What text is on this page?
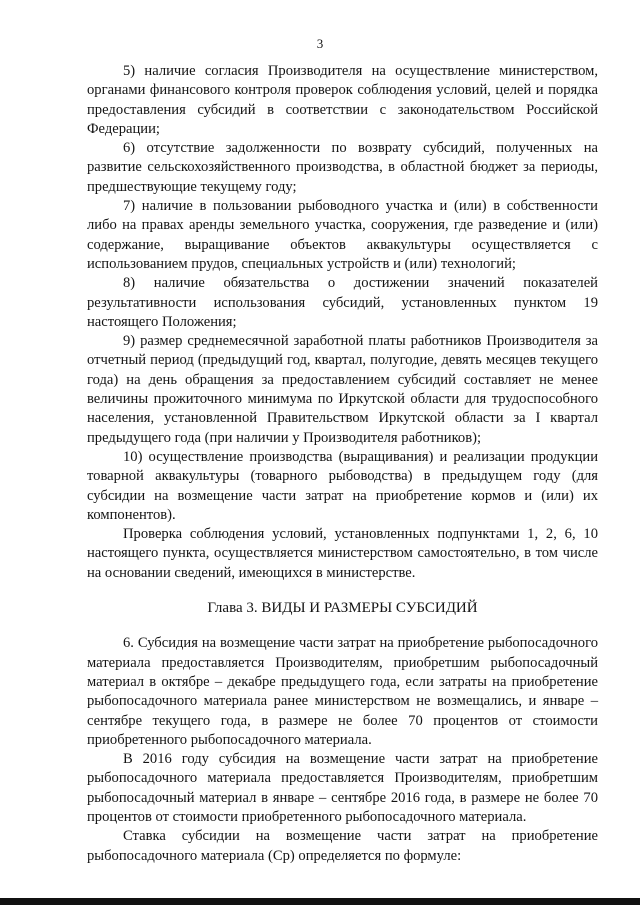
3

5) наличие согласия Производителя на осуществление министерством, органами финансового контроля проверок соблюдения условий, целей и порядка предоставления субсидий в соответствии с законодательством Российской Федерации;

6) отсутствие задолженности по возврату субсидий, полученных на развитие сельскохозяйственного производства, в областной бюджет за периоды, предшествующие текущему году;

7) наличие в пользовании рыбоводного участка и (или) в собственности либо на правах аренды земельного участка, сооружения, где разведение и (или) содержание, выращивание объектов аквакультуры осуществляется с использованием прудов, специальных устройств и (или) технологий;

8) наличие обязательства о достижении значений показателей результативности использования субсидий, установленных пунктом 19 настоящего Положения;

9) размер среднемесячной заработной платы работников Производителя за отчетный период (предыдущий год, квартал, полугодие, девять месяцев текущего года) на день обращения за предоставлением субсидий составляет не менее величины прожиточного минимума по Иркутской области для трудоспособного населения, установленной Правительством Иркутской области за I квартал предыдущего года (при наличии у Производителя работников);

10) осуществление производства (выращивания) и реализации продукции товарной аквакультуры (товарного рыбоводства) в предыдущем году (для субсидии на возмещение части затрат на приобретение кормов и (или) их компонентов).

Проверка соблюдения условий, установленных подпунктами 1, 2, 6, 10 настоящего пункта, осуществляется министерством самостоятельно, в том числе на основании сведений, имеющихся в министерстве.

Глава 3. ВИДЫ И РАЗМЕРЫ СУБСИДИЙ

6. Субсидия на возмещение части затрат на приобретение рыбопосадочного материала предоставляется Производителям, приобретшим рыбопосадочный материал в октябре – декабре предыдущего года, если затраты на приобретение рыбопосадочного материала ранее министерством не возмещались, и январе – сентябре текущего года, в размере не более 70 процентов от стоимости приобретенного рыбопосадочного материала.

В 2016 году субсидия на возмещение части затрат на приобретение рыбопосадочного материала предоставляется Производителям, приобретшим рыбопосадочный материал в январе – сентябре 2016 года, в размере не более 70 процентов от стоимости приобретенного рыбопосадочного материала.

Ставка субсидии на возмещение части затрат на приобретение рыбопосадочного материала (Ср) определяется по формуле:
